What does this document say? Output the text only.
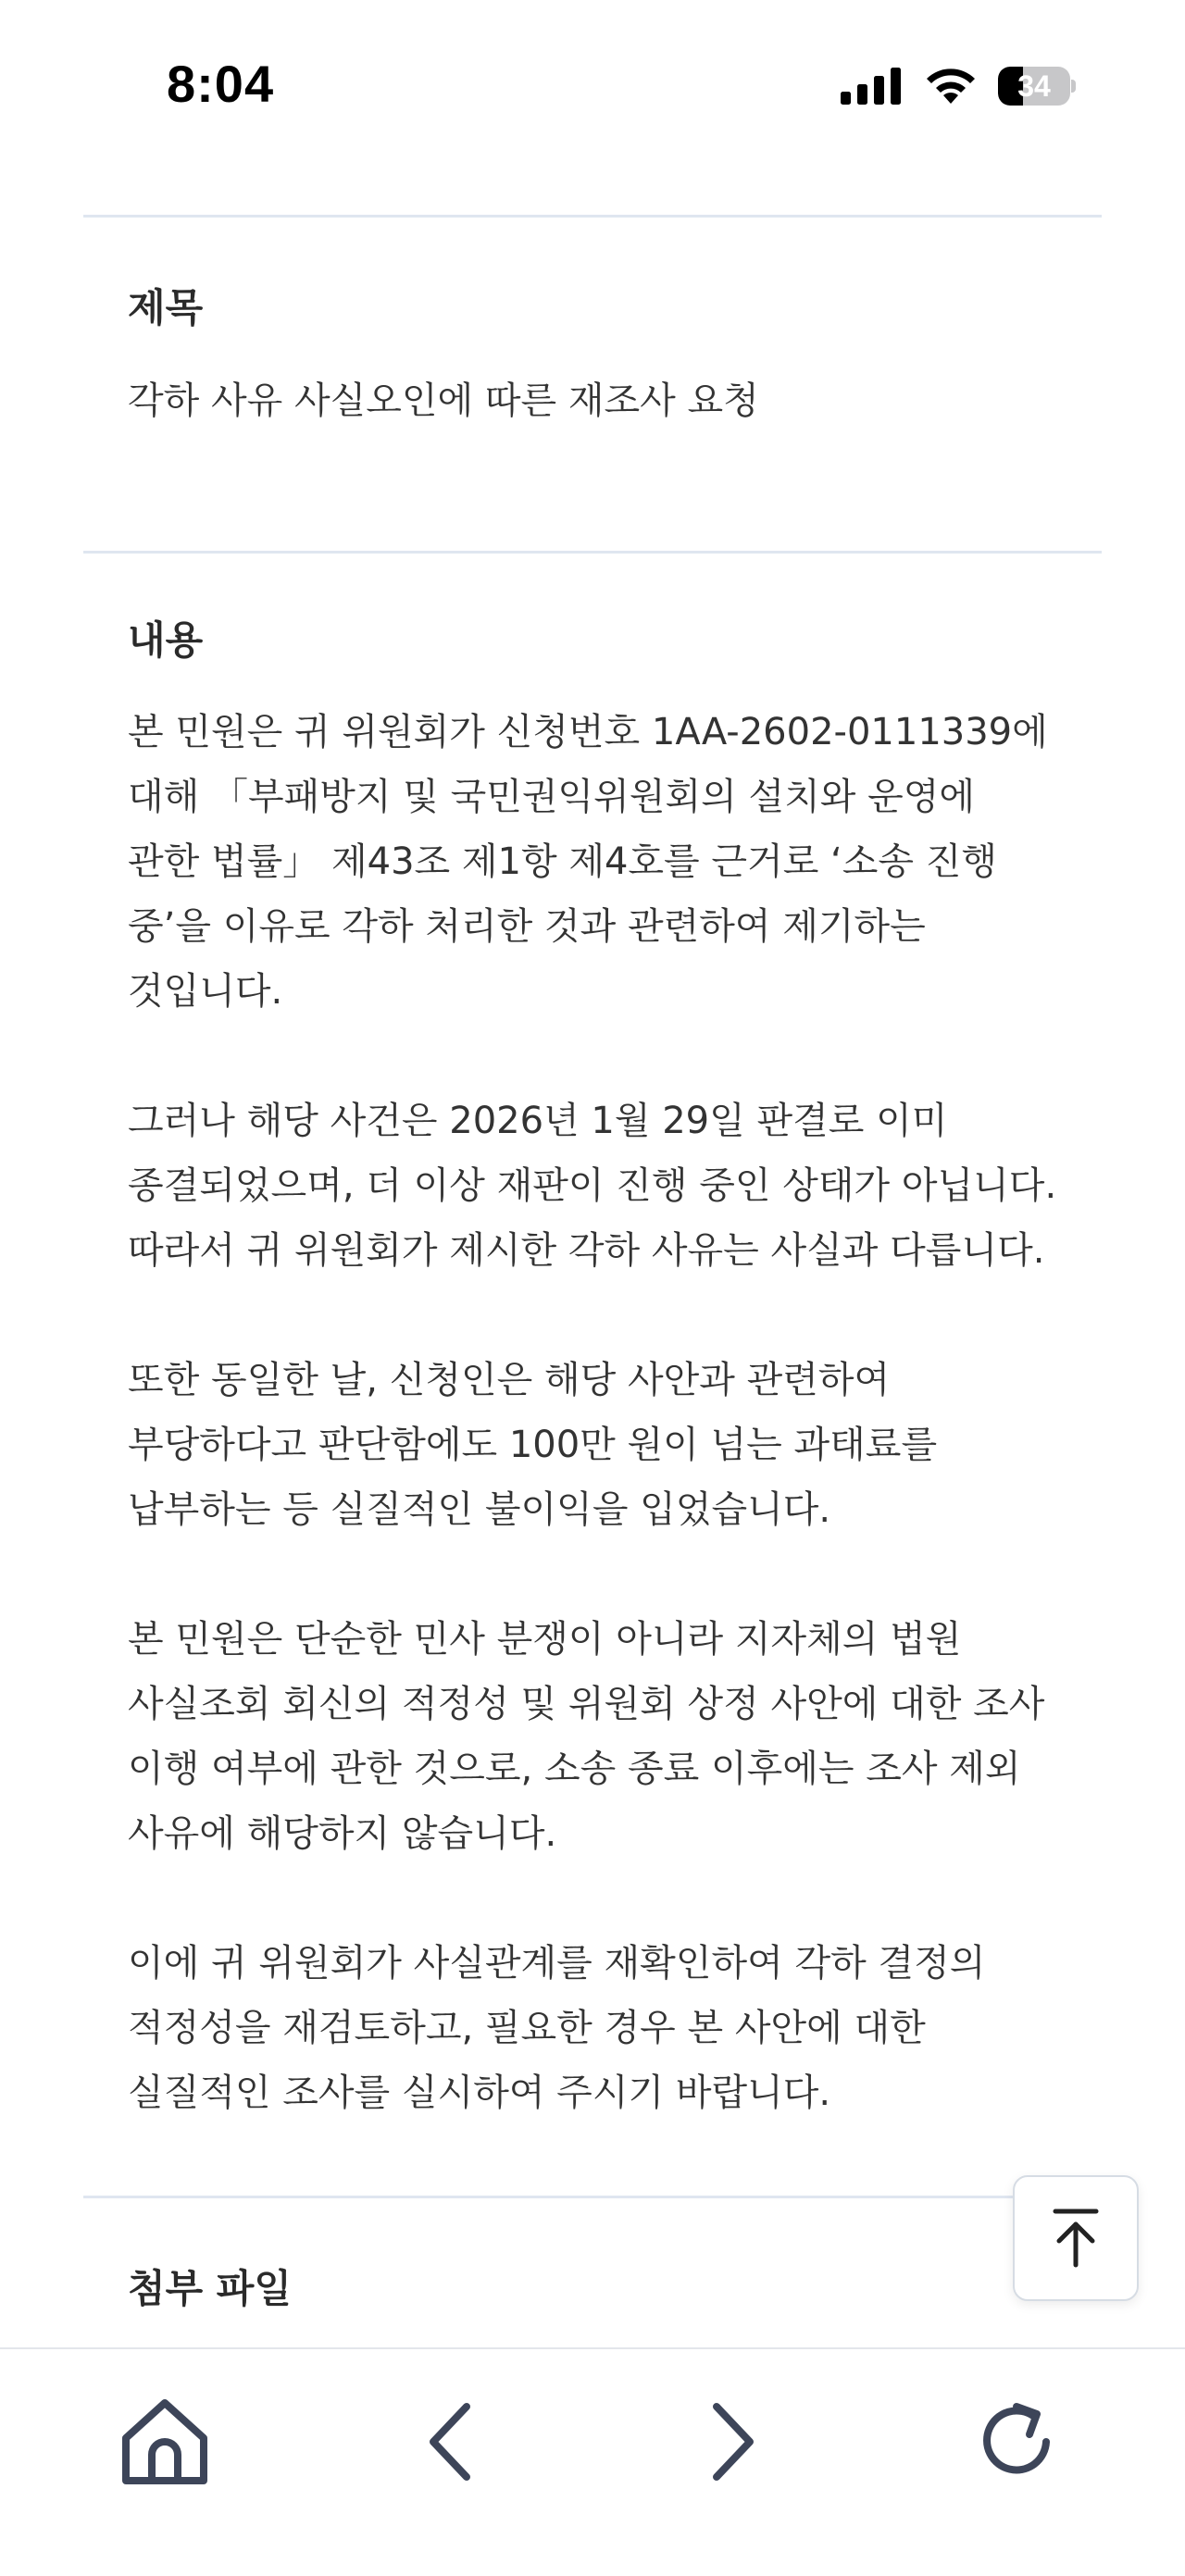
8:04	34
제목
각하 사유 사실오인에 따른 재조사 요청
내용

본 민원은 귀 위원회가 신청번호 1AA-2602-0111339에 대해 「부패방지 및 국민권익위원회의 설치와 운영에 관한 법률」 제43조 제1항 제4호를 근거로 ‘소송 진행 중’을 이유로 각하 처리한 것과 관련하여 제기하는 것입니다.

그러나 해당 사건은 2026년 1월 29일 판결로 이미 종결되었으며, 더 이상 재판이 진행 중인 상태가 아닙니다. 따라서 귀 위원회가 제시한 각하 사유는 사실과 다릅니다.

또한 동일한 날, 신청인은 해당 사안과 관련하여 부당하다고 판단함에도 100만 원이 넘는 과태료를 납부하는 등 실질적인 불이익을 입었습니다.

본 민원은 단순한 민사 분쟁이 아니라 지자체의 법원 사실조회 회신의 적정성 및 위원회 상정 사안에 대한 조사 이행 여부에 관한 것으로, 소송 종료 이후에는 조사 제외 사유에 해당하지 않습니다.

이에 귀 위원회가 사실관계를 재확인하여 각하 결정의 적정성을 재검토하고, 필요한 경우 본 사안에 대한 실질적인 조사를 실시하여 주시기 바랍니다.

첨부 파일
